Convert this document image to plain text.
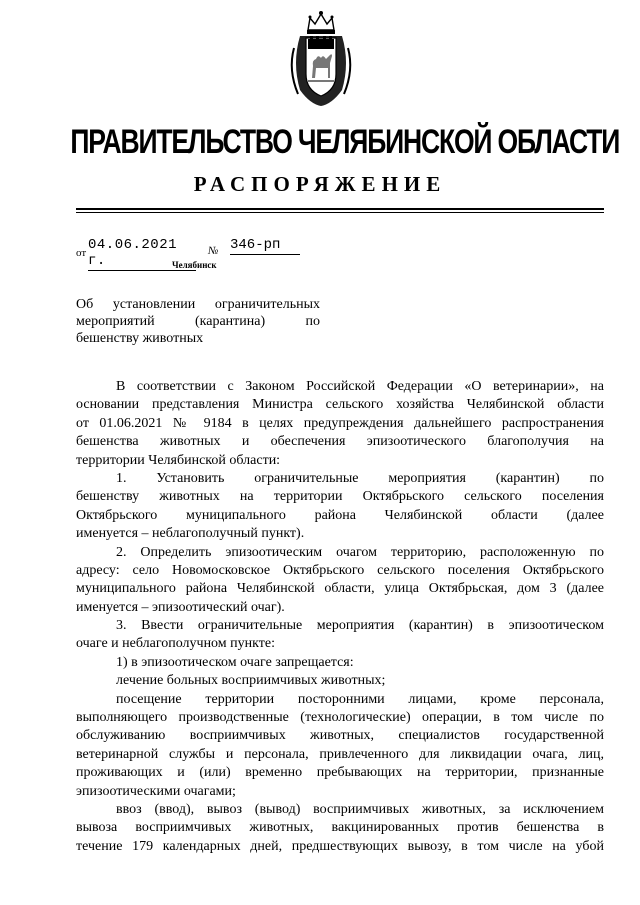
ПРАВИТЕЛЬСТВО ЧЕЛЯБИНСКОЙ ОБЛАСТИ
РАСПОРЯЖЕНИЕ
от 04.06.2021 г.
№ 346-рп
Челябинск
Об установлении ограничительных
мероприятий (карантина) по
бешенству животных
В соответствии с Законом Российской Федерации «О ветеринарии», на
основании представления Министра сельского хозяйства Челябинской области
от 01.06.2021 № 9184 в целях предупреждения дальнейшего распространения
бешенства животных и обеспечения эпизоотического благополучия на
территории Челябинской области:
1. Установить ограничительные мероприятия (карантин) по
бешенству животных на территории Октябрьского сельского поселения
Октябрьского муниципального района Челябинской области (далее
именуется – неблагополучный пункт).
2. Определить эпизоотическим очагом территорию, расположенную по
адресу: село Новомосковское Октябрьского сельского поселения Октябрьского
муниципального района Челябинской области, улица Октябрьская, дом 3 (далее
именуется – эпизоотический очаг).
3. Ввести ограничительные мероприятия (карантин) в эпизоотическом
очаге и неблагополучном пункте:
1) в эпизоотическом очаге запрещается:
лечение больных восприимчивых животных;
посещение территории посторонними лицами, кроме персонала,
выполняющего производственные (технологические) операции, в том числе по
обслуживанию восприимчивых животных, специалистов государственной
ветеринарной службы и персонала, привлеченного для ликвидации очага, лиц,
проживающих и (или) временно пребывающих на территории, признанные
эпизоотическими очагами;
ввоз (ввод), вывоз (вывод) восприимчивых животных, за исключением
вывоза восприимчивых животных, вакцинированных против бешенства в
течение 179 календарных дней, предшествующих вывозу, в том числе на убой
